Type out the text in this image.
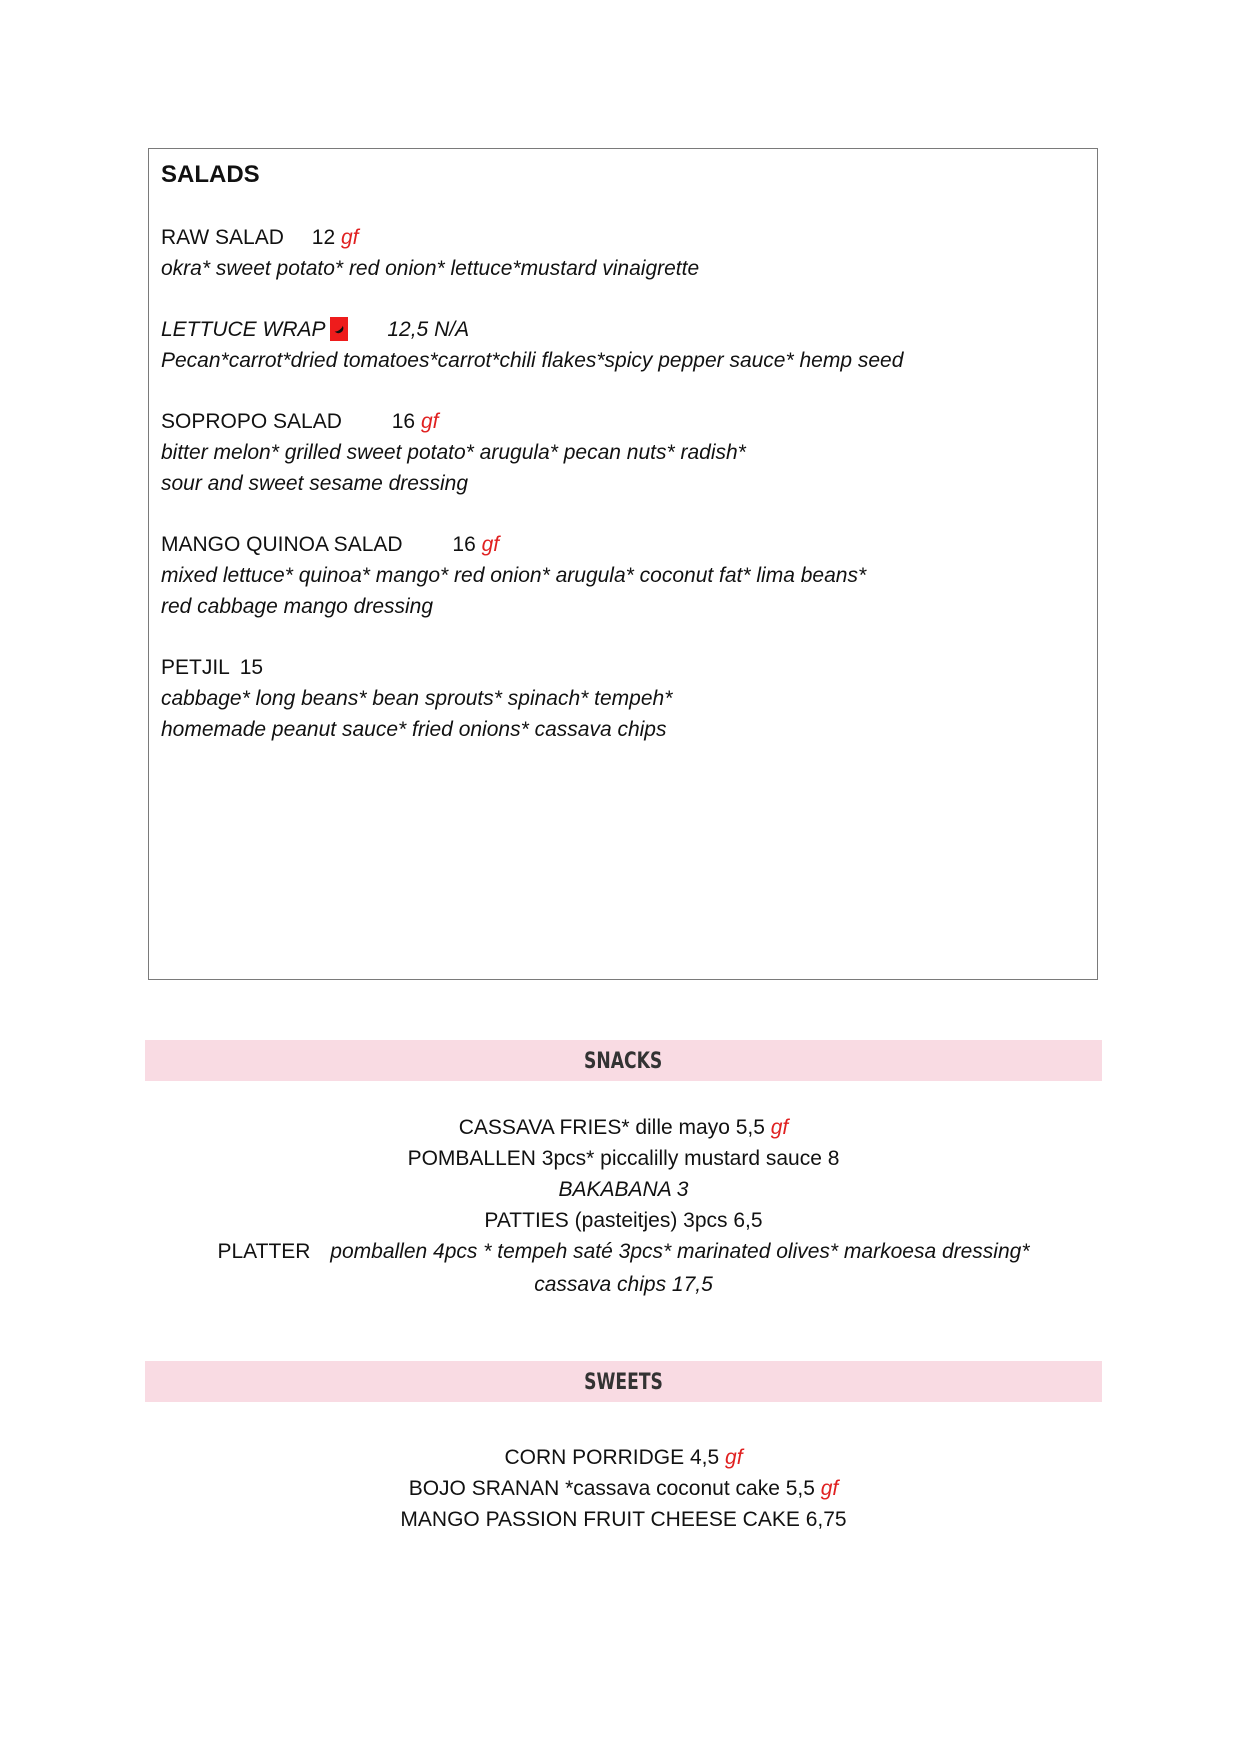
SALADS
RAW SALAD 12 gf
okra* sweet potato* red onion* lettuce*mustard vinaigrette
LETTUCE WRAP	12,5 N/A
Pecan*carrot*dried tomatoes*carrot*chili flakes*spicy pepper sauce* hemp seed
SOPROPO SALAD 16 gf
bitter melon* grilled sweet potato* arugula* pecan nuts* radish*
sour and sweet sesame dressing
MANGO QUINOA SALAD 16 gf
mixed lettuce* quinoa* mango* red onion* arugula* coconut fat* lima beans*
red cabbage mango dressing
PETJIL 15
cabbage* long beans* bean sprouts* spinach* tempeh*
homemade peanut sauce* fried onions* cassava chips
SNACKS
CASSAVA FRIES* dille mayo 5,5 gf
POMBALLEN 3pcs* piccalilly mustard sauce 8
BAKABANA 3
PATTIES (pasteitjes) 3pcs 6,5
PLATTER pomballen 4pcs * tempeh saté 3pcs* marinated olives* markoesa dressing*
cassava chips 17,5
SWEETS
CORN PORRIDGE 4,5 gf
BOJO SRANAN *cassava coconut cake 5,5 gf
MANGO PASSION FRUIT CHEESE CAKE 6,75
